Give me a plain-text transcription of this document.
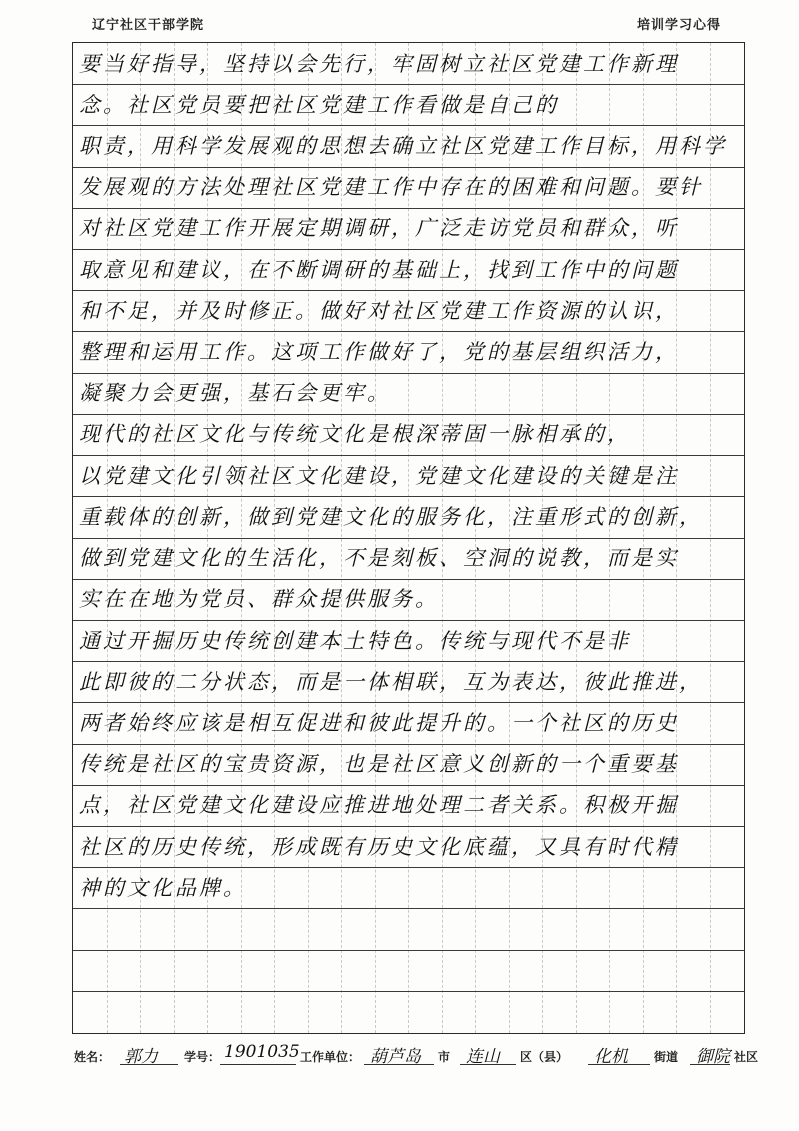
辽宁社区干部学院	培训学习心得
要当好指导，坚持以会先行，牢固树立社区党建工作新理
念。社区党员要把社区党建工作看做是自己的
职责，用科学发展观的思想去确立社区党建工作目标，用科学
发展观的方法处理社区党建工作中存在的困难和问题。要针
对社区党建工作开展定期调研，广泛走访党员和群众，听
取意见和建议，在不断调研的基础上，找到工作中的问题
和不足，并及时修正。做好对社区党建工作资源的认识，
整理和运用工作。这项工作做好了，党的基层组织活力，
凝聚力会更强，基石会更牢。
现代的社区文化与传统文化是根深蒂固一脉相承的，
以党建文化引领社区文化建设，党建文化建设的关键是注
重载体的创新，做到党建文化的服务化，注重形式的创新，
做到党建文化的生活化，不是刻板、空洞的说教，而是实
实在在地为党员、群众提供服务。
通过开掘历史传统创建本土特色。传统与现代不是非
此即彼的二分状态，而是一体相联，互为表达，彼此推进，
两者始终应该是相互促进和彼此提升的。一个社区的历史
传统是社区的宝贵资源，也是社区意义创新的一个重要基
点，社区党建文化建设应推进地处理二者关系。积极开掘
社区的历史传统，形成既有历史文化底蕴，又具有时代精
神的文化品牌。
姓名： 郭力 学号： 1901035 工作单位： 葫芦岛 市 连山 区（县） 化机 街道 御院 社区
